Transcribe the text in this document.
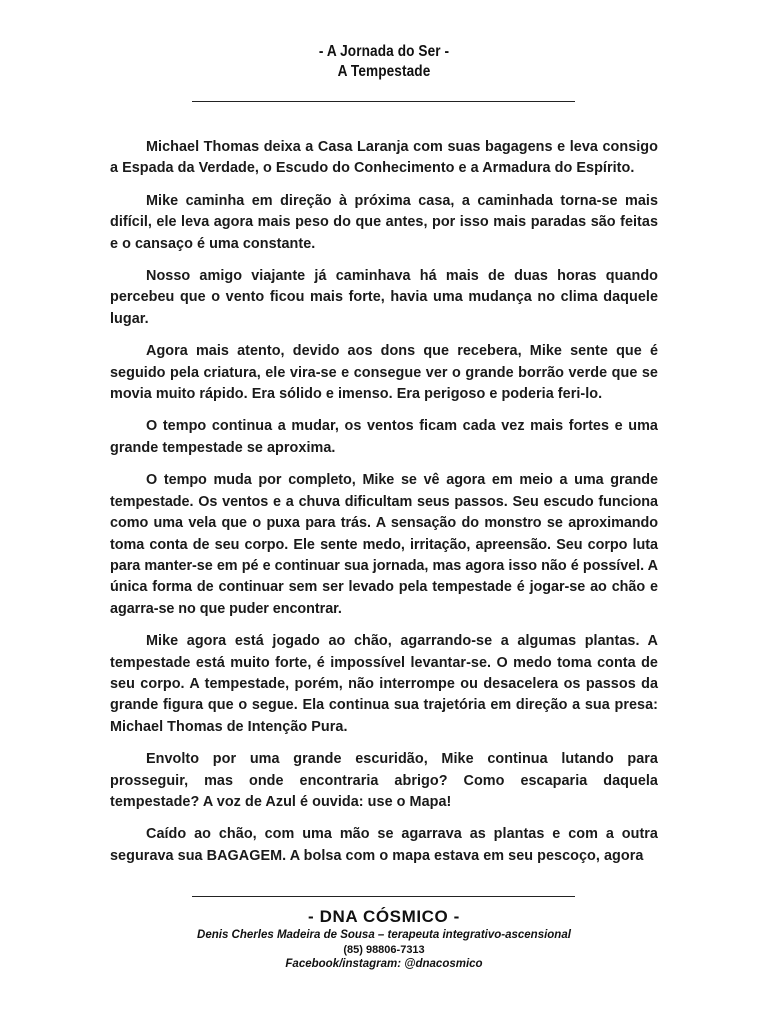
- A Jornada do Ser -
A Tempestade

Michael Thomas deixa a Casa Laranja com suas bagagens e leva consigo a Espada da Verdade, o Escudo do Conhecimento e a Armadura do Espírito.

Mike caminha em direção à próxima casa, a caminhada torna-se mais difícil, ele leva agora mais peso do que antes, por isso mais paradas são feitas e o cansaço é uma constante.

Nosso amigo viajante já caminhava há mais de duas horas quando percebeu que o vento ficou mais forte, havia uma mudança no clima daquele lugar.

Agora mais atento, devido aos dons que recebera, Mike sente que é seguido pela criatura, ele vira-se e consegue ver o grande borrão verde que se movia muito rápido. Era sólido e imenso. Era perigoso e poderia feri-lo.

O tempo continua a mudar, os ventos ficam cada vez mais fortes e uma grande tempestade se aproxima.

O tempo muda por completo, Mike se vê agora em meio a uma grande tempestade. Os ventos e a chuva dificultam seus passos. Seu escudo funciona como uma vela que o puxa para trás. A sensação do monstro se aproximando toma conta de seu corpo. Ele sente medo, irritação, apreensão. Seu corpo luta para manter-se em pé e continuar sua jornada, mas agora isso não é possível. A única forma de continuar sem ser levado pela tempestade é jogar-se ao chão e agarra-se no que puder encontrar.

Mike agora está jogado ao chão, agarrando-se a algumas plantas. A tempestade está muito forte, é impossível levantar-se. O medo toma conta de seu corpo. A tempestade, porém, não interrompe ou desacelera os passos da grande figura que o segue. Ela continua sua trajetória em direção a sua presa: Michael Thomas de Intenção Pura.

Envolto por uma grande escuridão, Mike continua lutando para prosseguir, mas onde encontraria abrigo? Como escaparia daquela tempestade? A voz de Azul é ouvida: use o Mapa!

Caído ao chão, com uma mão se agarrava as plantas e com a outra segurava sua BAGAGEM. A bolsa com o mapa estava em seu pescoço, agora

- DNA CÓSMICO -
Denis Cherles Madeira de Sousa – terapeuta integrativo-ascensional
(85) 98806-7313
Facebook/instagram: @dnacosmico
